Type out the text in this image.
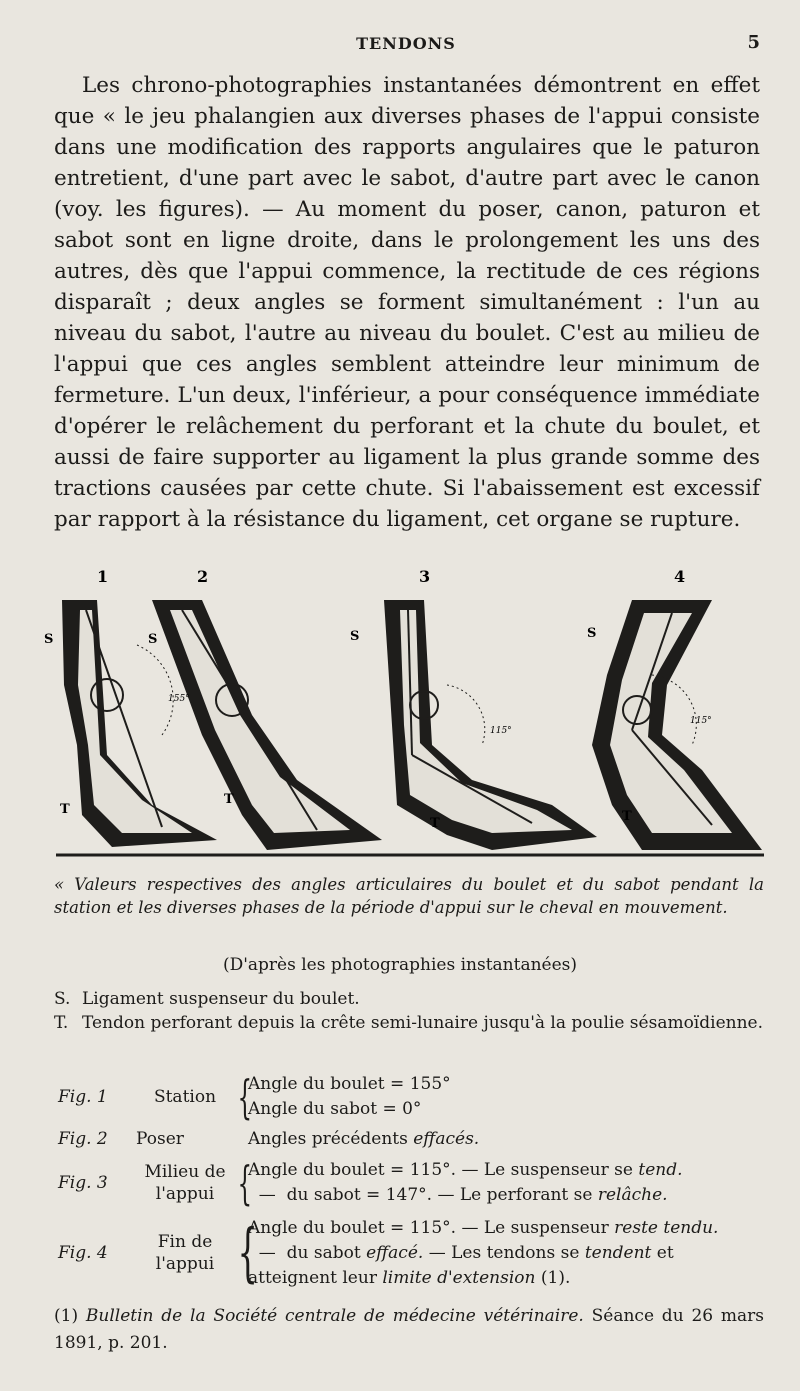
TENDONS	5

Les chrono-photographies instantanées démontrent en effet que « le jeu phalangien aux diverses phases de l'appui consiste dans une modification des rapports angulaires que le paturon entretient, d'une part avec le sabot, d'autre part avec le canon (voy. les figures). — Au moment du poser, canon, paturon et sabot sont en ligne droite, dans le prolongement les uns des autres, dès que l'appui commence, la rectitude de ces régions disparaît ; deux angles se forment simultanément : l'un au niveau du sabot, l'autre au niveau du boulet. C'est au milieu de l'appui que ces angles semblent atteindre leur minimum de fermeture. L'un deux, l'inférieur, a pour conséquence immédiate d'opérer le relâchement du perforant et la chute du boulet, et aussi de faire supporter au ligament la plus grande somme des tractions causées par cette chute. Si l'abaissement est excessif par rapport à la résistance du ligament, cet organe se rupture.

1	2	3	4
S	S	S	S
T
T
T	T
155°
115°
115°
« Valeurs respectives des angles articulaires du boulet et du sabot pendant la station et les diverses phases de la période d'appui sur le cheval en mouvement.
(D'après les photographies instantanées)
S. Ligament suspenseur du boulet.
T. Tendon perforant depuis la crête semi-lunaire jusqu'à la poulie sésamoïdienne.
Fig. 1	Station {
Angle du boulet = 155°
Angle du sabot = 0°
Fig. 2	Poser	Angles précédents effacés.
Fig. 3
Milieu de
l'appui {
Angle du boulet = 115°. — Le suspenseur se tend.
—  du sabot = 147°. — Le perforant se relâche.
Fig. 4
Fin de
l'appui {
Angle du boulet = 115°. — Le suspenseur reste tendu.
—  du sabot effacé. — Les tendons se tendent et
atteignent leur limite d'extension (1).
(1) Bulletin de la Société centrale de médecine vétérinaire. Séance du 26 mars 1891, p. 201.
